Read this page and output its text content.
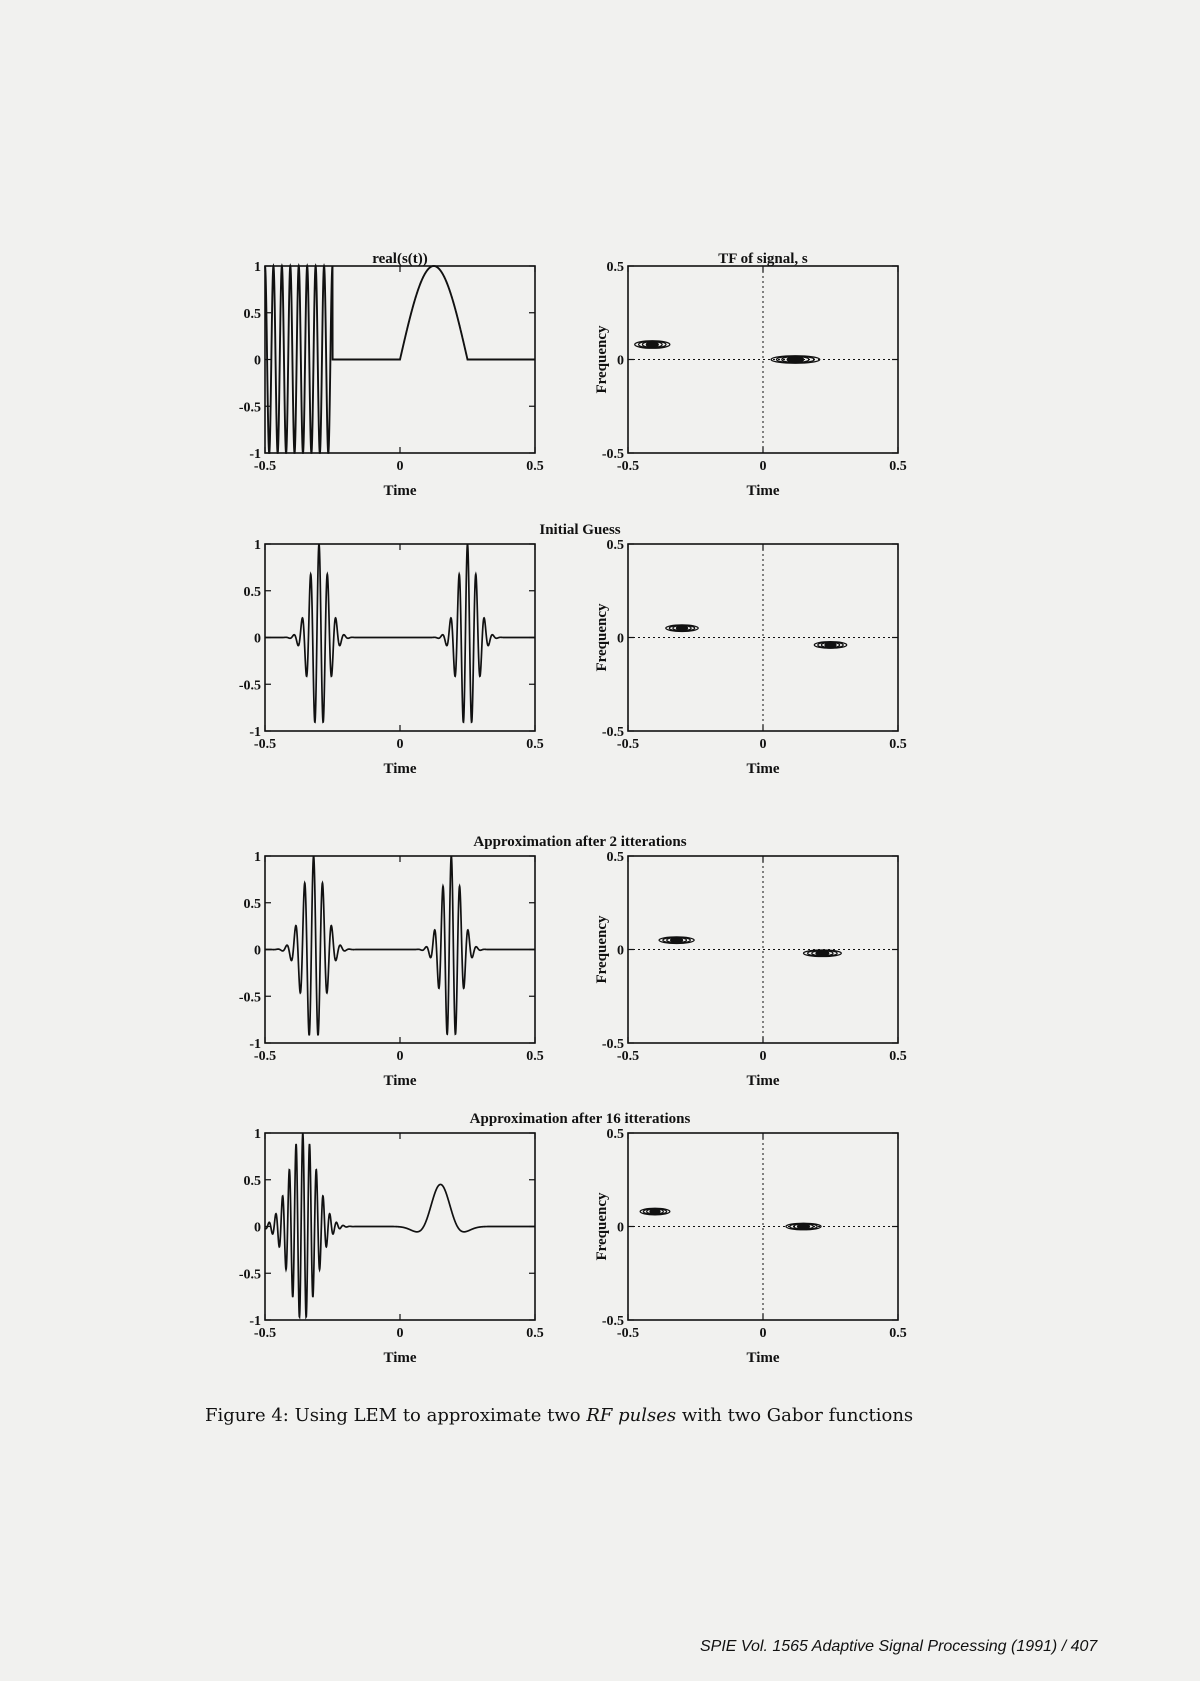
1
0.5
0
-0.5
-1
-0.5	0	0.5
Time
real(s(t))
0.5
0
-0.5
-0.5	0	0.5
Time
Frequency
TF of signal, s
1
0.5
0
-0.5
-1
-0.5	0	0.5
Time
Initial Guess
0.5
0
-0.5
-0.5	0	0.5
Time
Frequency
1
0.5
0
-0.5
-1
-0.5	0	0.5
Time
Approximation after 2 itterations
0.5
0
-0.5
-0.5	0	0.5
Time
Frequency
1
0.5
0
-0.5
-1
-0.5	0	0.5
Time
Approximation after 16 itterations
0.5
0
-0.5
-0.5	0	0.5
Time
Frequency
Figure 4: Using LEM to approximate two RF pulses with two Gabor functions
SPIE Vol. 1565 Adaptive Signal Processing (1991) / 407
